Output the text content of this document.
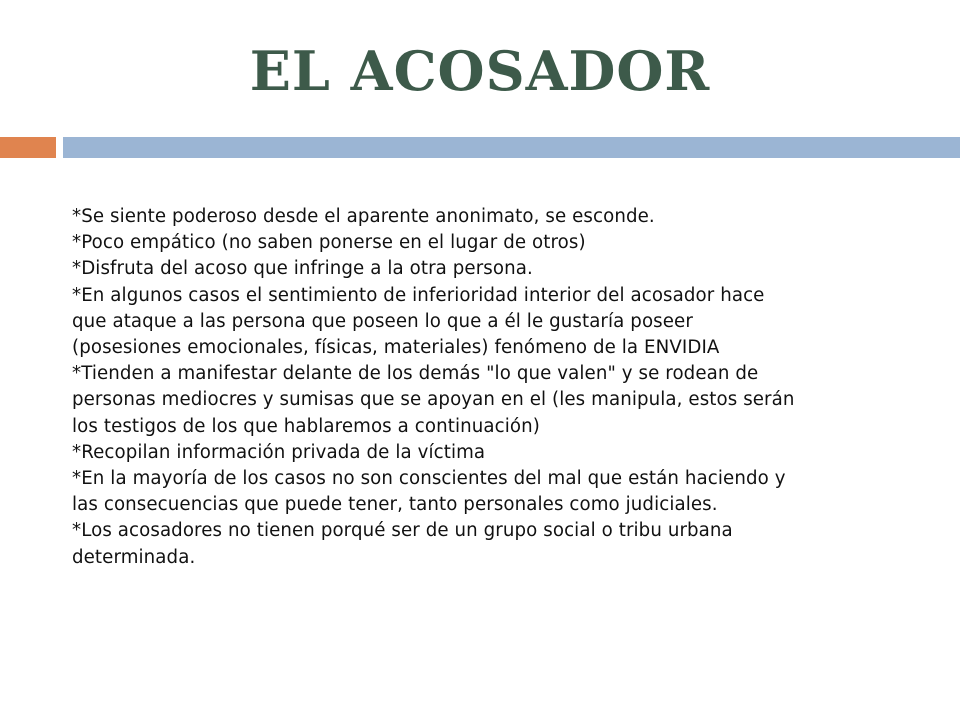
EL ACOSADOR
*Se siente poderoso desde el aparente anonimato, se esconde.
*Poco empático (no saben ponerse en el lugar de otros)
*Disfruta del acoso que infringe a la otra persona.
*En algunos casos el sentimiento de inferioridad interior del acosador hace
que ataque a las persona que poseen lo que a él le gustaría poseer
(posesiones emocionales, físicas, materiales) fenómeno de la ENVIDIA
*Tienden a manifestar delante de los demás "lo que valen" y se rodean de
personas mediocres y sumisas que se apoyan en el (les manipula, estos serán
los testigos de los que hablaremos a continuación)
*Recopilan información privada de la víctima
*En la mayoría de los casos no son conscientes del mal que están haciendo y
las consecuencias que puede tener, tanto personales como judiciales.
*Los acosadores no tienen porqué ser de un grupo social o tribu urbana
determinada.
